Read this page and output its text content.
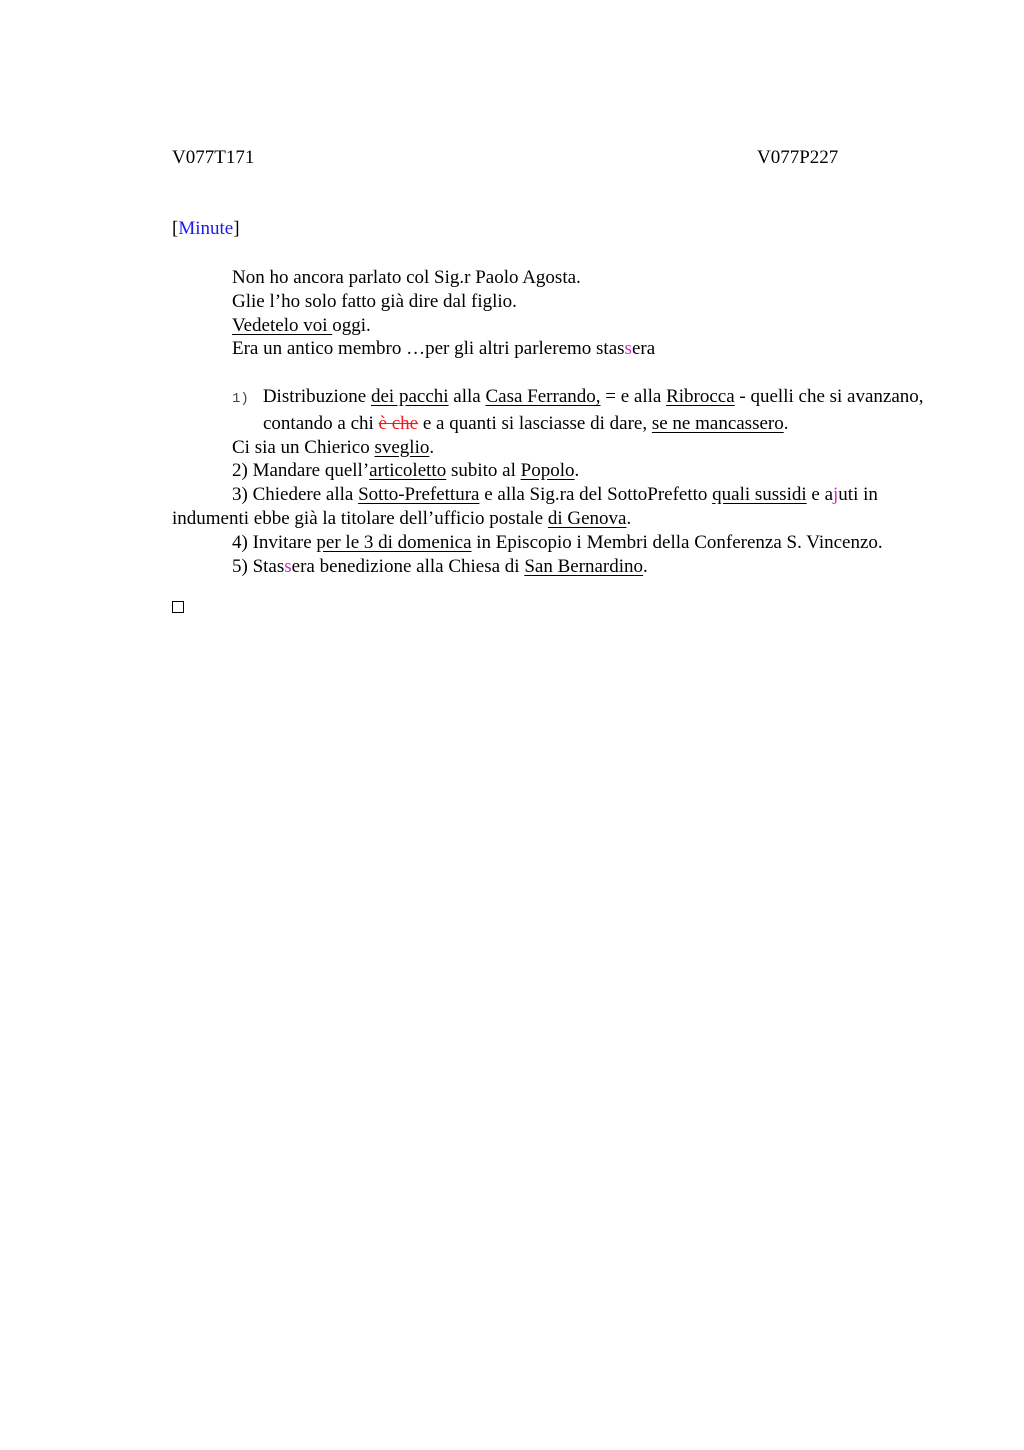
V077T171	V077P227
[Minute]
Non ho ancora parlato col Sig.r Paolo Agosta.
Glie l’ho solo fatto già dire dal figlio.
Vedetelo voi oggi.
Era un antico membro …per gli altri parleremo stassera
1) Distribuzione dei pacchi alla Casa Ferrando, = e alla Ribrocca - quelli che si avanzano, contando a chi è che e a quanti si lasciasse di dare, se ne mancassero.
Ci sia un Chierico sveglio.
2) Mandare quell’articoletto subito al Popolo.
3) Chiedere alla Sotto-Prefettura e alla Sig.ra del SottoPrefetto quali sussidi e ajuti in indumenti ebbe già la titolare dell’ufficio postale di Genova.
4) Invitare per le 3 di domenica in Episcopio i Membri della Conferenza S. Vincenzo.
5) Stassera benedizione alla Chiesa di San Bernardino.
